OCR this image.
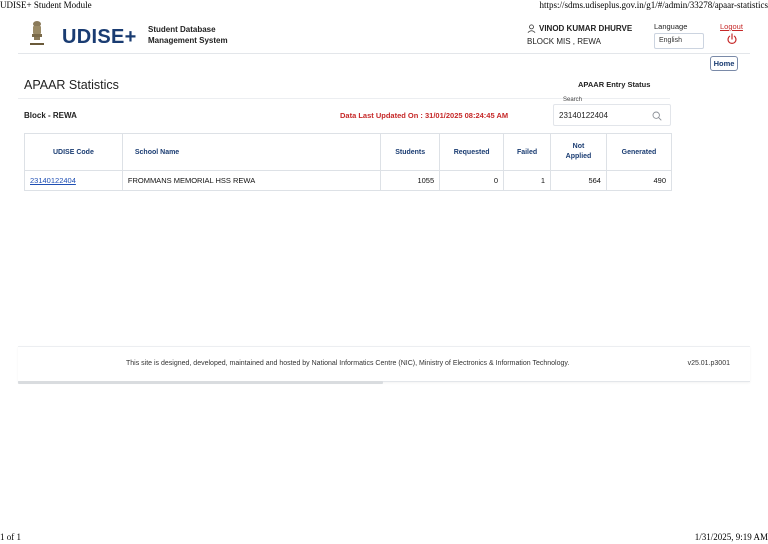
UDISE+ Student Module	https://sdms.udiseplus.gov.in/g1/#/admin/33278/apaar-statistics
UDISE+ Student Database
Management System
VINOD KUMAR DHURVE
BLOCK MIS , REWA
Language
English
Logout
Home
APAAR Statistics	APAAR Entry Status
Block - REWA	Data Last Updated On : 31/01/2025 08:24:45 AM
Search
23140122404
UDISE Code	School Name	Students	Requested	Failed	Not Applied	Generated
23140122404	FROMMANS MEMORIAL HSS REWA	1055	0	1	564	490
This site is designed, developed, maintained and hosted by National Informatics Centre (NIC), Ministry of Electronics & Information Technology.	v25.01.p3001
1 of 1	1/31/2025, 9:19 AM
